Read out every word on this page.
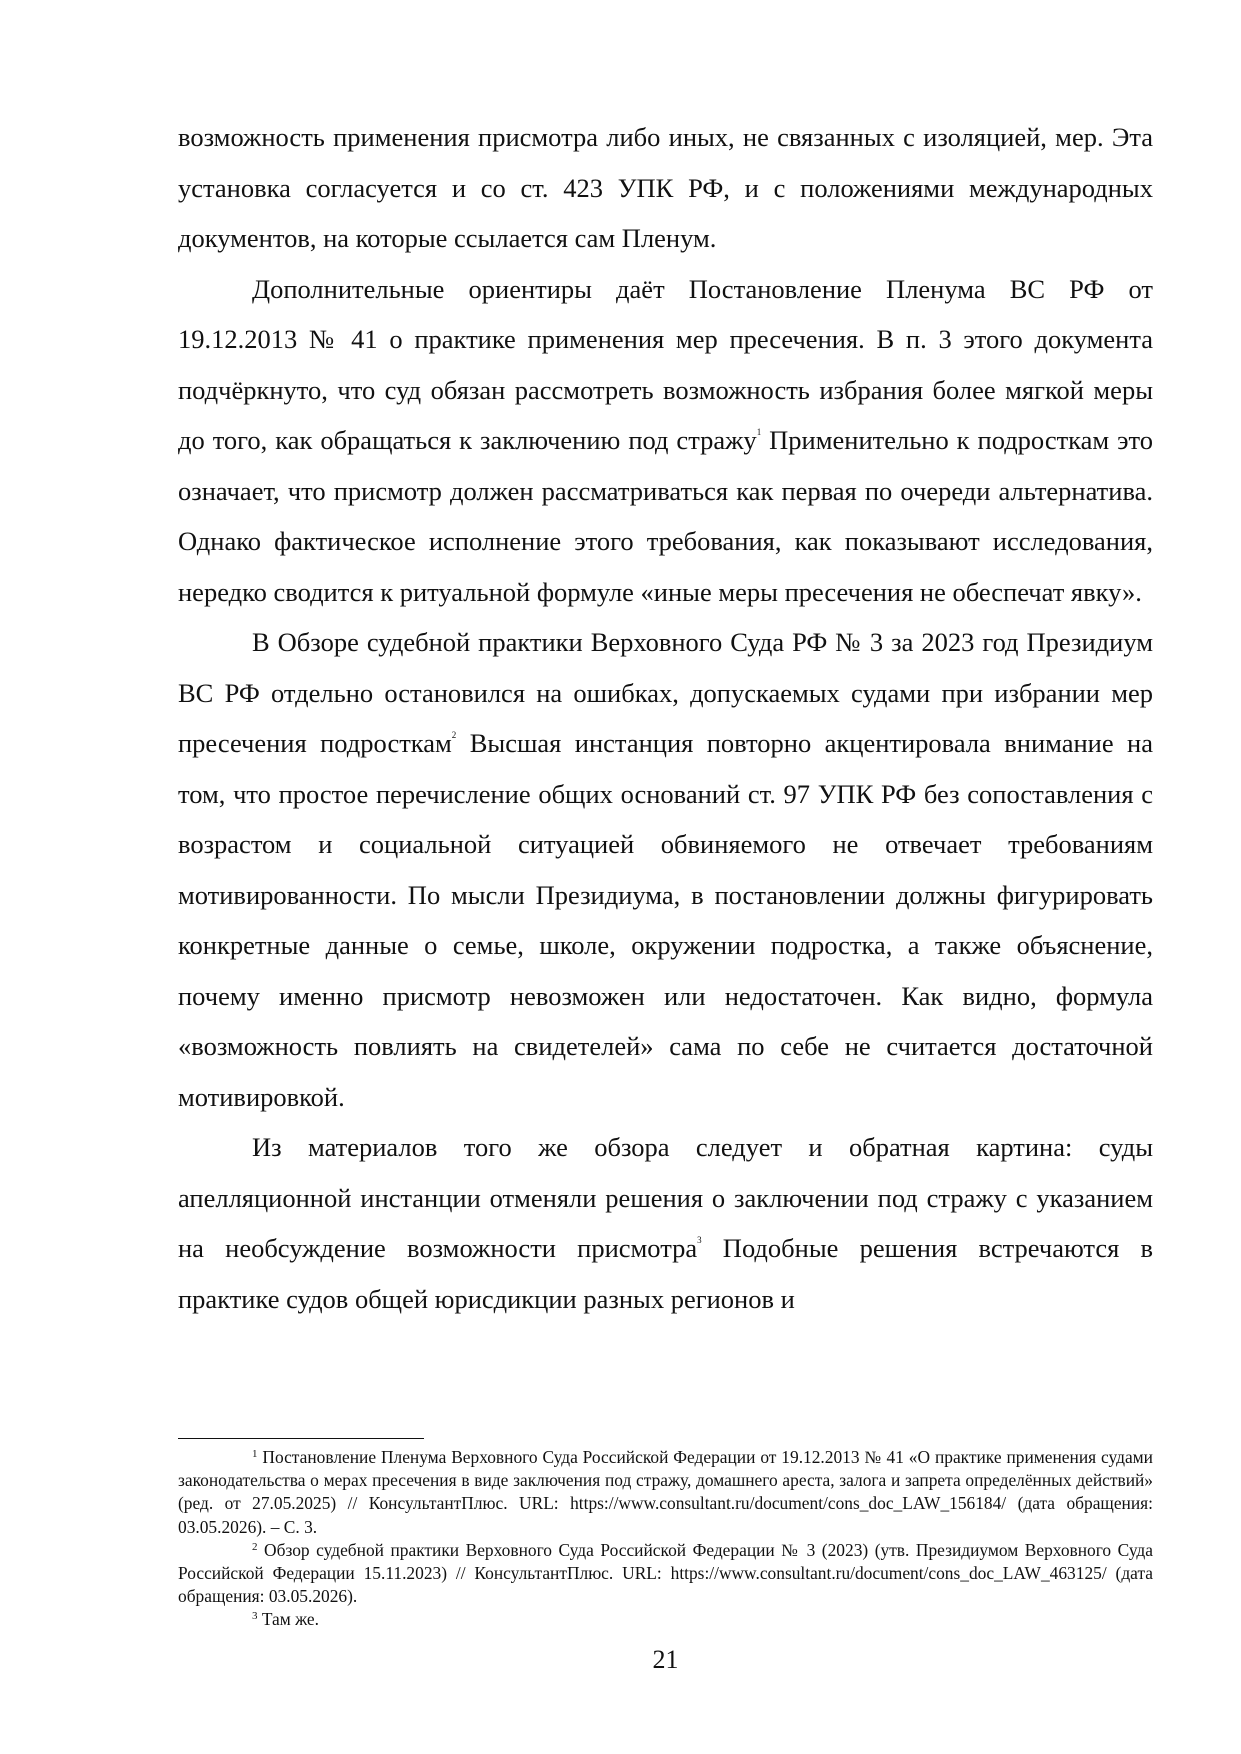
возможность применения присмотра либо иных, не связанных с изоляцией, мер. Эта установка согласуется и со ст. 423 УПК РФ, и с положениями международных документов, на которые ссылается сам Пленум.

Дополнительные ориентиры даёт Постановление Пленума ВС РФ от 19.12.2013 № 41 о практике применения мер пресечения. В п. 3 этого документа подчёркнуто, что суд обязан рассмотреть возможность избрания более мягкой меры до того, как обращаться к заключению под стражу$^1$ Применительно к подросткам это означает, что присмотр должен рассматриваться как первая по очереди альтернатива. Однако фактическое исполнение этого требования, как показывают исследования, нередко сводится к ритуальной формуле «иные меры пресечения не обеспечат явку».

В Обзоре судебной практики Верховного Суда РФ № 3 за 2023 год Президиум ВС РФ отдельно остановился на ошибках, допускаемых судами при избрании мер пресечения подросткам$^2$ Высшая инстанция повторно акцентировала внимание на том, что простое перечисление общих оснований ст. 97 УПК РФ без сопоставления с возрастом и социальной ситуацией обвиняемого не отвечает требованиям мотивированности. По мысли Президиума, в постановлении должны фигурировать конкретные данные о семье, школе, окружении подростка, а также объяснение, почему именно присмотр невозможен или недостаточен. Как видно, формула «возможность повлиять на свидетелей» сама по себе не считается достаточной мотивировкой.

Из материалов того же обзора следует и обратная картина: суды апелляционной инстанции отменяли решения о заключении под стражу с указанием на необсуждение возможности присмотра$^3$ Подобные решения встречаются в практике судов общей юрисдикции разных регионов и

$^1$ Постановление Пленума Верховного Суда Российской Федерации от 19.12.2013 № 41 «О практике применения судами законодательства о мерах пресечения в виде заключения под стражу, домашнего ареста, залога и запрета определённых действий» (ред. от 27.05.2025) // КонсультантПлюс. URL: https://www.consultant.ru/document/cons_doc_LAW_156184/ (дата обращения: 03.05.2026). – С. 3.

$^2$ Обзор судебной практики Верховного Суда Российской Федерации № 3 (2023) (утв. Президиумом Верховного Суда Российской Федерации 15.11.2023) // КонсультантПлюс. URL: https://www.consultant.ru/document/cons_doc_LAW_463125/ (дата обращения: 03.05.2026).

$^3$ Там же.

21
